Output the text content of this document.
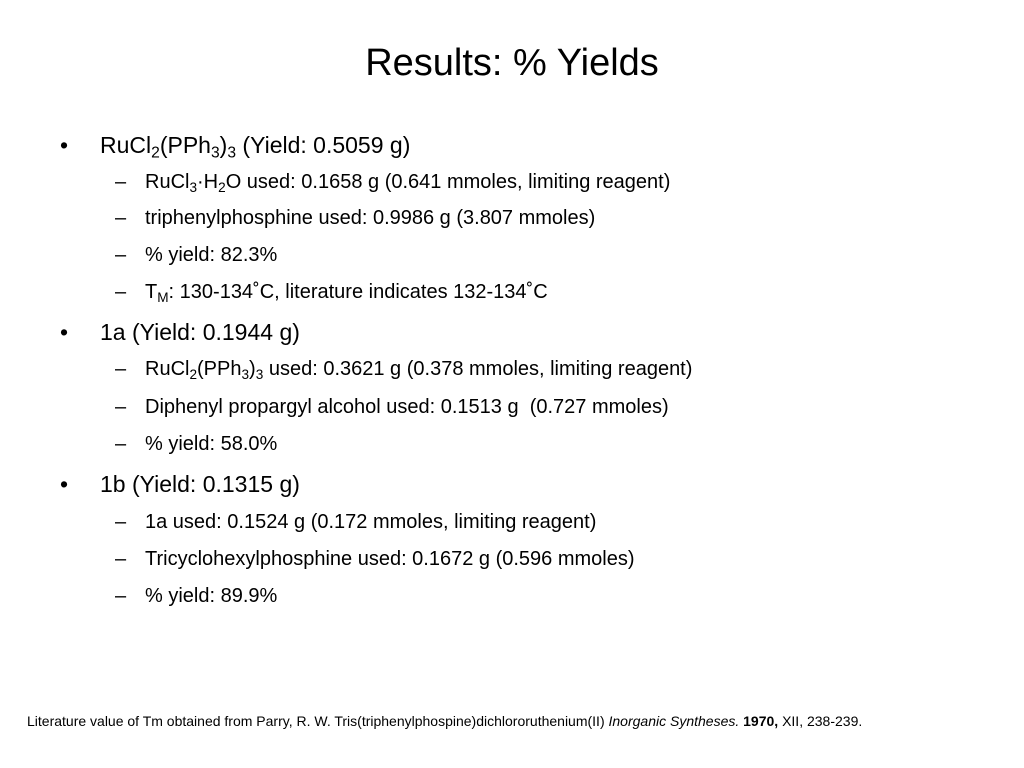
Results: % Yields
• $RuCl_2(PPh_3)_3$ (Yield: 0.5059 g)
– $RuCl_3\cdot H_2O$ used: 0.1658 g (0.641 mmoles, limiting reagent)
– triphenylphosphine used: 0.9986 g (3.807 mmoles)
– % yield: 82.3%
– $T_M$: 130-134˚C, literature indicates 132-134˚C
• 1a (Yield: 0.1944 g)
– $RuCl_2(PPh_3)_3$ used: 0.3621 g (0.378 mmoles, limiting reagent)
– Diphenyl propargyl alcohol used: 0.1513 g  (0.727 mmoles)
– % yield: 58.0%
• 1b (Yield: 0.1315 g)
– 1a used: 0.1524 g (0.172 mmoles, limiting reagent)
– Tricyclohexylphosphine used: 0.1672 g (0.596 mmoles)
– % yield: 89.9%
Literature value of Tm obtained from Parry, R. W. Tris(triphenylphospine)dichlororuthenium(II) Inorganic Syntheses. 1970, XII, 238-239.
